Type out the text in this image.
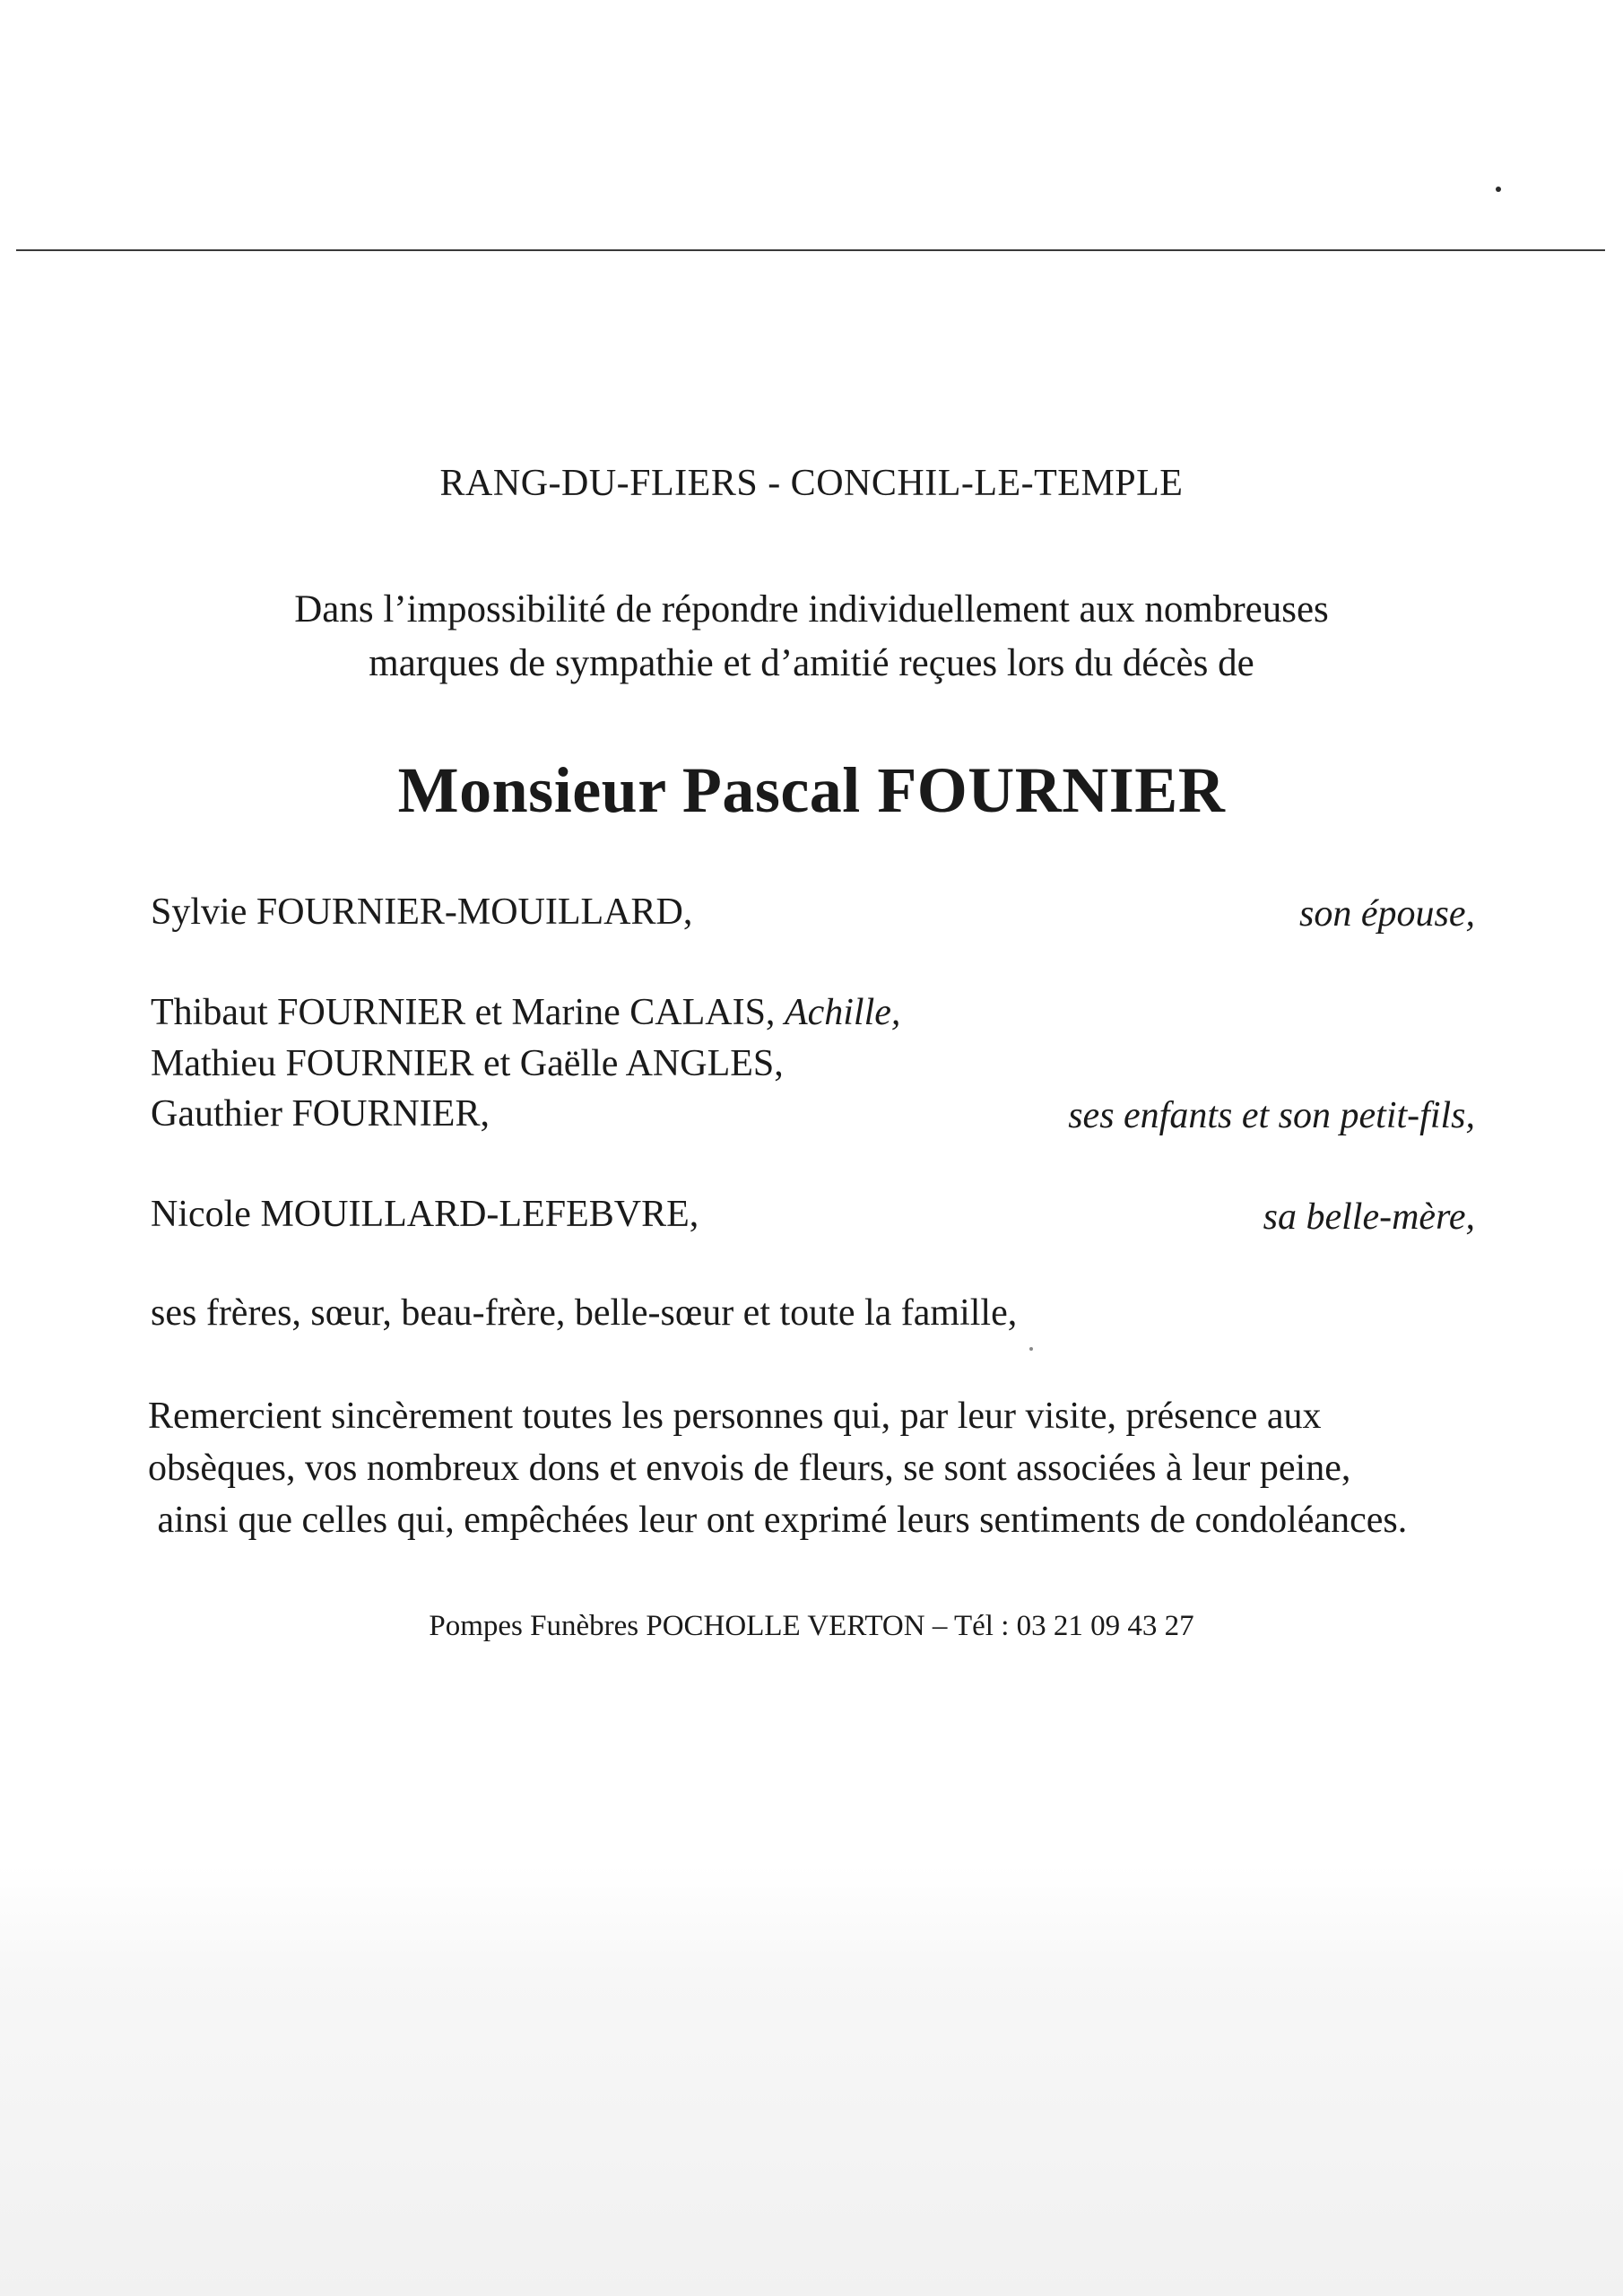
RANG-DU-FLIERS - CONCHIL-LE-TEMPLE
Dans l’impossibilité de répondre individuellement aux nombreuses
marques de sympathie et d’amitié reçues lors du décès de
Monsieur Pascal FOURNIER
Sylvie FOURNIER-MOUILLARD,	son épouse,
Thibaut FOURNIER et Marine CALAIS, Achille,
Mathieu FOURNIER et Gaëlle ANGLES,
Gauthier FOURNIER,	ses enfants et son petit-fils,
Nicole MOUILLARD-LEFEBVRE,	sa belle-mère,
ses frères, sœur, beau-frère, belle-sœur et toute la famille,
Remercient sincèrement toutes les personnes qui, par leur visite, présence aux
obsèques, vos nombreux dons et envois de fleurs, se sont associées à leur peine,
ainsi que celles qui, empêchées leur ont exprimé leurs sentiments de condoléances.
Pompes Funèbres POCHOLLE VERTON – Tél : 03 21 09 43 27
